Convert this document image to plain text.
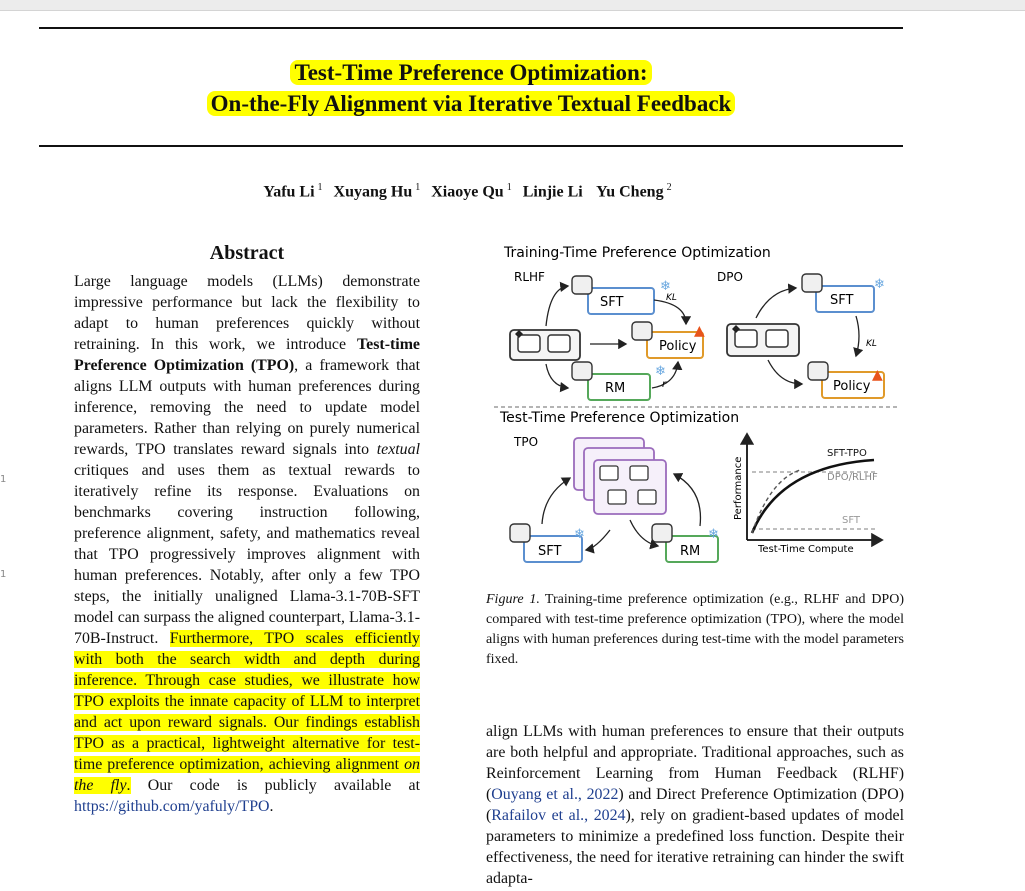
1
1
Test-Time Preference Optimization:
On-the-Fly Alignment via Iterative Textual Feedback
Yafu Li $^1$ Xuyang Hu $^1$ Xiaoye Qu $^1$ Linjie Li Yu Cheng $^2$
Abstract
Large language models (LLMs) demonstrate impressive performance but lack the flexibility to adapt to human preferences quickly without retraining. In this work, we introduce Test-time Preference Optimization (TPO), a framework that aligns LLM outputs with human preferences during inference, removing the need to update model parameters. Rather than relying on purely numerical rewards, TPO translates reward signals into textual critiques and uses them as textual rewards to iteratively refine its response. Evaluations on benchmarks covering instruction following, preference alignment, safety, and mathematics reveal that TPO progressively improves alignment with human preferences. Notably, after only a few TPO steps, the initially unaligned Llama-3.1-70B-SFT model can surpass the aligned counterpart, Llama-3.1-70B-Instruct. Furthermore, TPO scales efficiently with both the search width and depth during inference. Through case studies, we illustrate how TPO exploits the innate capacity of LLM to interpret and act upon reward signals. Our findings establish TPO as a practical, lightweight alternative for test-time preference optimization, achieving alignment on the fly. Our code is publicly available at https://github.com/yafuly/TPO.
Training-Time Preference Optimization
RLHF	DPO
SFT
❄
RM
❄
Policy
▲
KL
r
SFT
❄
Policy
▲
KL
Test-Time Preference Optimization
TPO
SFT
❄
RM
❄
Performance
Test-Time Compute
SFT-TPO
DPO/RLHF
SFT
Figure 1. Training-time preference optimization (e.g., RLHF and DPO) compared with test-time preference optimization (TPO), where the model aligns with human preferences during test-time with the model parameters fixed.
align LLMs with human preferences to ensure that their outputs are both helpful and appropriate. Traditional approaches, such as Reinforcement Learning from Human Feedback (RLHF) (Ouyang et al., 2022) and Direct Preference Optimization (DPO) (Rafailov et al., 2024), rely on gradient-based updates of model parameters to minimize a predefined loss function. Despite their effectiveness, the need for iterative retraining can hinder the swift adapta-
